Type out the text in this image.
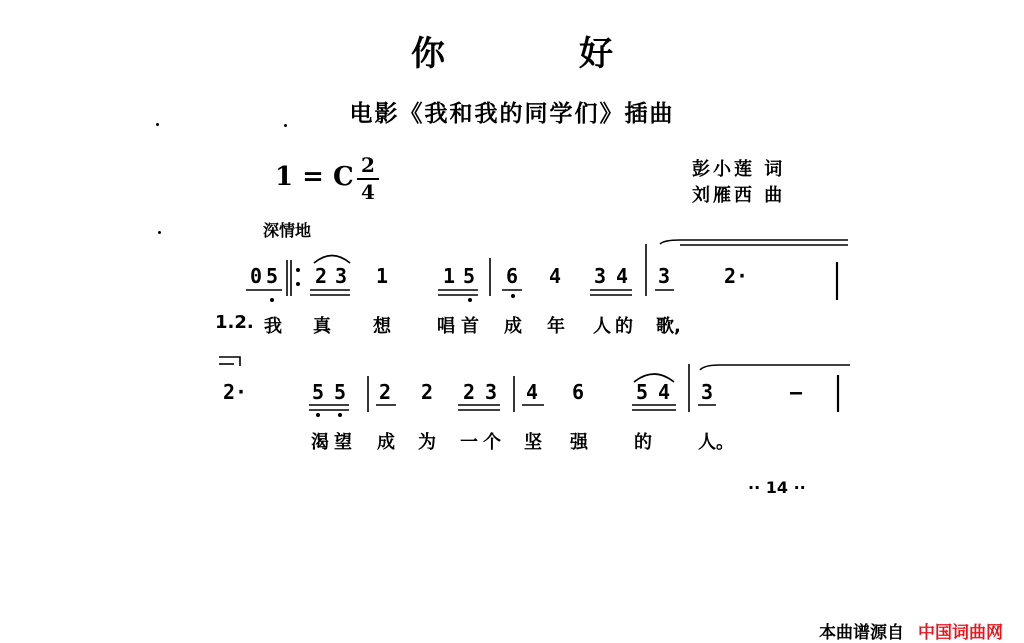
你　好
电影《我和我的同学们》插曲
1 = C 2
4
彭小莲 词
刘雁西 曲
深情地
0 5 2 3 1	1 5 6 4 3 4 3	2·
1.2. 我 真 想	唱首 成 年 人的 歌,
2·	5 5 2 2 2 3 4 6	5 4 3	—
渴望 成 为 一个 坚 强	的	人。
·· 14 ··
本曲谱源自 中国词曲网
